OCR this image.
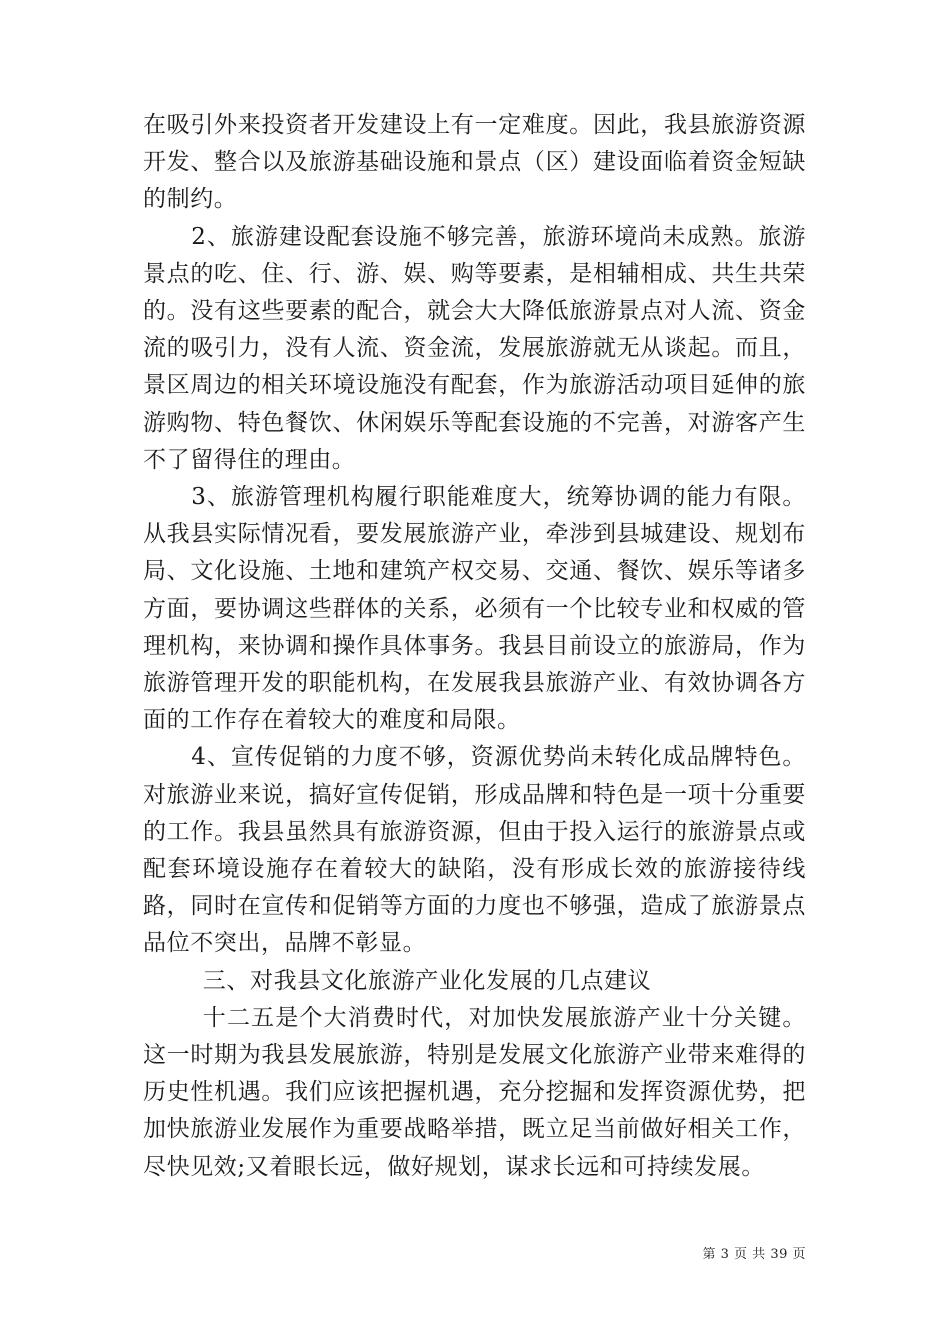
在吸引外来投资者开发建设上有一定难度。因此，我县旅游资源开发、整合以及旅游基础设施和景点（区）建设面临着资金短缺的制约。

2、旅游建设配套设施不够完善，旅游环境尚未成熟。旅游景点的吃、住、行、游、娱、购等要素，是相辅相成、共生共荣的。没有这些要素的配合，就会大大降低旅游景点对人流、资金流的吸引力，没有人流、资金流，发展旅游就无从谈起。而且，景区周边的相关环境设施没有配套，作为旅游活动项目延伸的旅游购物、特色餐饮、休闲娱乐等配套设施的不完善，对游客产生不了留得住的理由。

3、旅游管理机构履行职能难度大，统筹协调的能力有限。从我县实际情况看，要发展旅游产业，牵涉到县城建设、规划布局、文化设施、土地和建筑产权交易、交通、餐饮、娱乐等诸多方面，要协调这些群体的关系，必须有一个比较专业和权威的管理机构，来协调和操作具体事务。我县目前设立的旅游局，作为旅游管理开发的职能机构，在发展我县旅游产业、有效协调各方面的工作存在着较大的难度和局限。

4、宣传促销的力度不够，资源优势尚未转化成品牌特色。对旅游业来说，搞好宣传促销，形成品牌和特色是一项十分重要的工作。我县虽然具有旅游资源，但由于投入运行的旅游景点或配套环境设施存在着较大的缺陷，没有形成长效的旅游接待线路，同时在宣传和促销等方面的力度也不够强，造成了旅游景点品位不突出，品牌不彰显。

三、对我县文化旅游产业化发展的几点建议

十二五是个大消费时代，对加快发展旅游产业十分关键。这一时期为我县发展旅游，特别是发展文化旅游产业带来难得的历史性机遇。我们应该把握机遇，充分挖掘和发挥资源优势，把加快旅游业发展作为重要战略举措，既立足当前做好相关工作，尽快见效;又着眼长远，做好规划，谋求长远和可持续发展。

第 3 页 共 39 页
